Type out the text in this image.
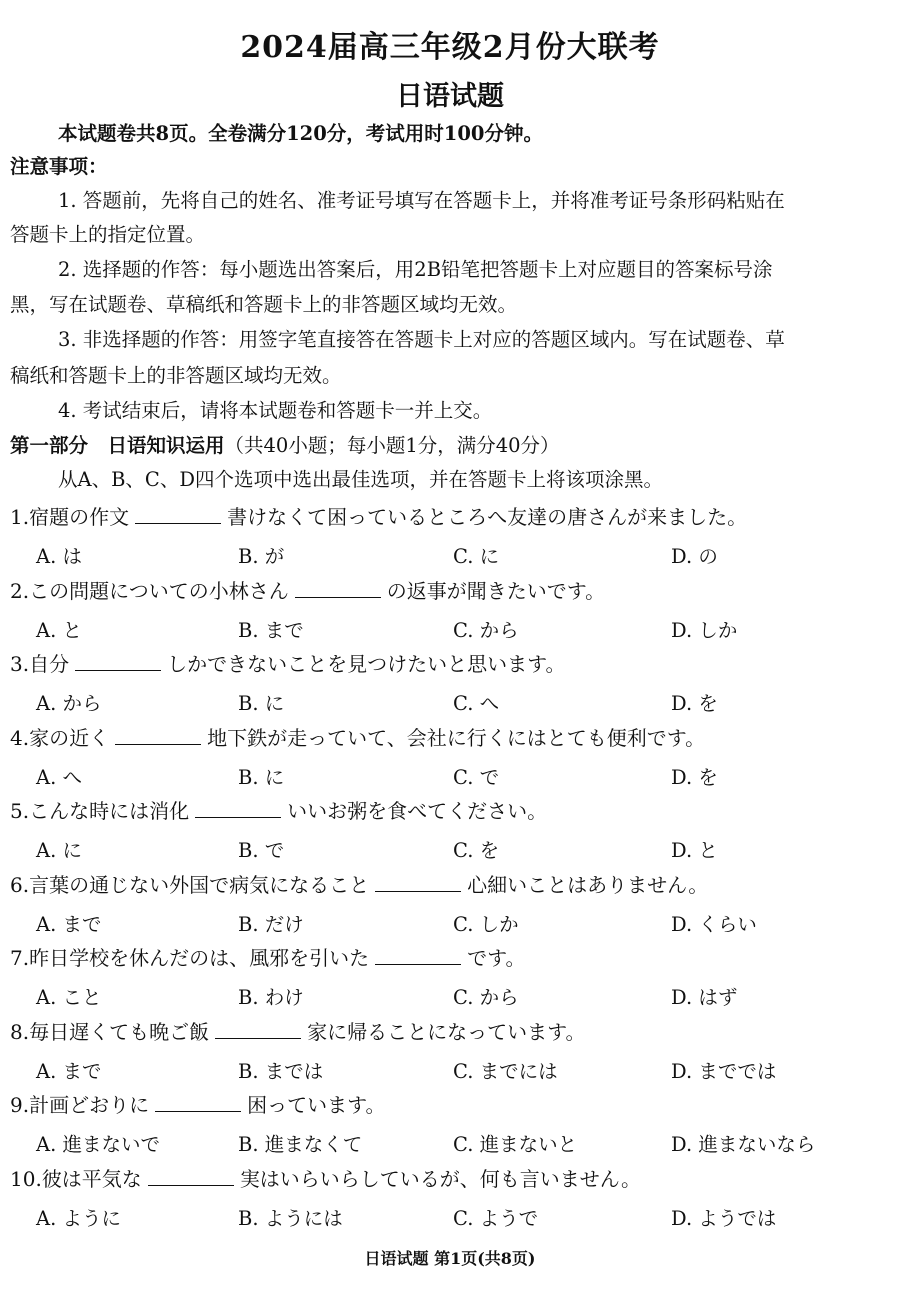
2024届高三年级2月份大联考
日语试题
本试题卷共8页。全卷满分120分，考试用时100分钟。
注意事项：
1. 答题前，先将自己的姓名、准考证号填写在答题卡上，并将准考证号条形码粘贴在
答题卡上的指定位置。
2. 选择题的作答：每小题选出答案后，用2B铅笔把答题卡上对应题目的答案标号涂
黑，写在试题卷、草稿纸和答题卡上的非答题区域均无效。
3. 非选择题的作答：用签字笔直接答在答题卡上对应的答题区域内。写在试题卷、草
稿纸和答题卡上的非答题区域均无效。
4. 考试结束后，请将本试题卷和答题卡一并上交。
第一部分　日语知识运用（共40小题；每小题1分，满分40分）
从A、B、C、D四个选项中选出最佳选项，并在答题卡上将该项涂黑。
1.宿題の作文	書けなくて困っているところへ友達の唐さんが来ました。
A. は	B. が	C. に	D. の
2.この問題についての小林さん	の返事が聞きたいです。
A. と	B. まで	C. から	D. しか
3.自分	しかできないことを見つけたいと思います。
A. から	B. に	C. へ	D. を
4.家の近く	地下鉄が走っていて、会社に行くにはとても便利です。
A. へ	B. に	C. で	D. を
5.こんな時には消化	いいお粥を食べてください。
A. に	B. で	C. を	D. と
6.言葉の通じない外国で病気になること	心細いことはありません。
A. まで	B. だけ	C. しか	D. くらい
7.昨日学校を休んだのは、風邪を引いた	です。
A. こと	B. わけ	C. から	D. はず
8.毎日遅くても晩ご飯	家に帰ることになっています。
A. まで	B. までは	C. までには	D. まででは
9.計画どおりに	困っています。
A. 進まないで	B. 進まなくて	C. 進まないと	D. 進まないなら
10.彼は平気な	実はいらいらしているが、何も言いません。
A. ように	B. ようには	C. ようで	D. ようでは
日语试题 第1页(共8页)
